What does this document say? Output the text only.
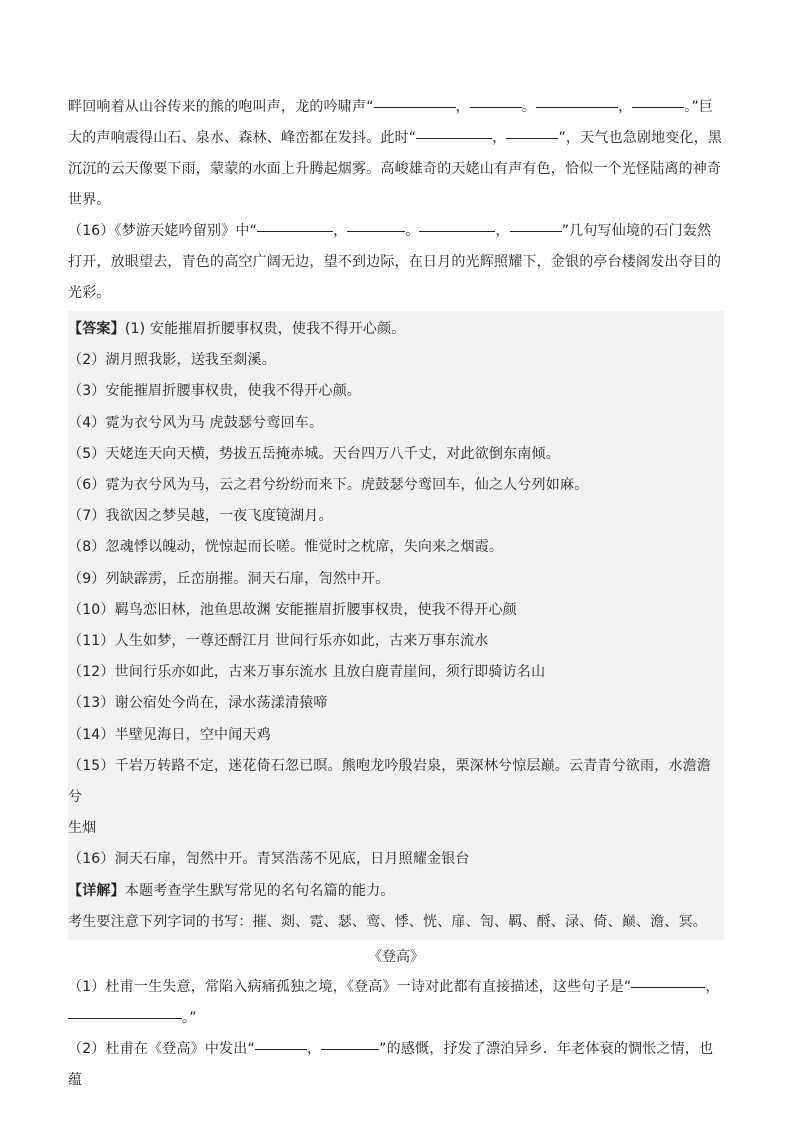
畔回响着从山谷传来的熊的咆叫声，龙的吟啸声“	，	。	，	。”巨

大的声响震得山石、泉水、森林、峰峦都在发抖。此时“	，	”，天气也急剧地变化，黑

沉沉的云天像要下雨，蒙蒙的水面上升腾起烟雾。高峻雄奇的天姥山有声有色，恰似一个光怪陆离的神奇

世界。

（16）《梦游天姥吟留别》中“	，	。	，	”几句写仙境的石门轰然

打开，放眼望去，青色的高空广阔无边，望不到边际，在日月的光辉照耀下，金银的亭台楼阁发出夺目的

光彩。

【答案】(1) 安能摧眉折腰事权贵，使我不得开心颜。

（2）湖月照我影，送我至剡溪。

（3）安能摧眉折腰事权贵，使我不得开心颜。

（4）霓为衣兮风为马 虎鼓瑟兮鸾回车。

（5）天姥连天向天横，势拔五岳掩赤城。天台四万八千丈，对此欲倒东南倾。

（6）霓为衣兮风为马，云之君兮纷纷而来下。虎鼓瑟兮鸾回车，仙之人兮列如麻。

（7）我欲因之梦吴越，一夜飞度镜湖月。

（8）忽魂悸以魄动，恍惊起而长嗟。惟觉时之枕席，失向来之烟霞。

（9）列缺霹雳，丘峦崩摧。洞天石扉，訇然中开。

（10）羁鸟恋旧林，池鱼思故渊 安能摧眉折腰事权贵，使我不得开心颜

（11）人生如梦，一尊还酹江月 世间行乐亦如此，古来万事东流水

（12）世间行乐亦如此，古来万事东流水 且放白鹿青崖间，须行即骑访名山

（13）谢公宿处今尚在，渌水荡漾清猿啼

（14）半壁见海日，空中闻天鸡

（15）千岩万转路不定，迷花倚石忽已暝。熊咆龙吟殷岩泉，栗深林兮惊层巅。云青青兮欲雨，水澹澹兮

生烟

（16）洞天石扉，訇然中开。青冥浩荡不见底，日月照耀金银台

【详解】本题考查学生默写常见的名句名篇的能力。

考生要注意下列字词的书写：摧、剡、霓、瑟、鸾、悸、恍、扉、訇、羁、酹、渌、倚、巅、澹、冥。

《登高》

（1）杜甫一生失意，常陷入病痛孤独之境，《登高》一诗对此都有直接描述，这些句子是“	，

。”

（2）杜甫在《登高》中发出“	，	”的感慨，抒发了漂泊异乡．年老体衰的惆怅之情，也蕴
